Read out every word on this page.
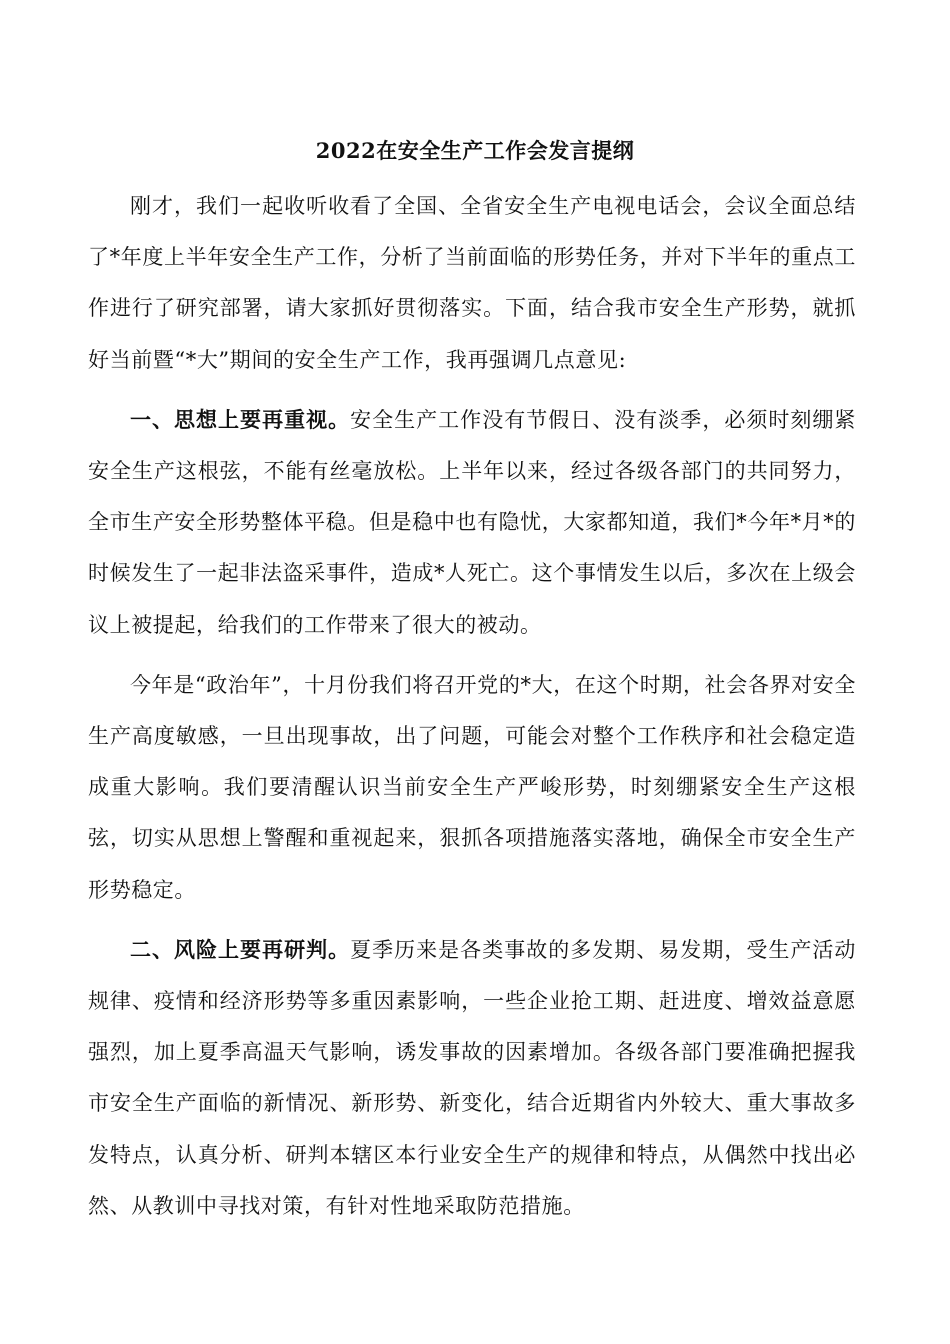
2022在安全生产工作会发言提纲

刚才，我们一起收听收看了全国、全省安全生产电视电话会，会议全面总结了*年度上半年安全生产工作，分析了当前面临的形势任务，并对下半年的重点工作进行了研究部署，请大家抓好贯彻落实。下面，结合我市安全生产形势，就抓好当前暨“*大”期间的安全生产工作，我再强调几点意见:

一、思想上要再重视。安全生产工作没有节假日、没有淡季，必须时刻绷紧安全生产这根弦，不能有丝毫放松。上半年以来，经过各级各部门的共同努力，全市生产安全形势整体平稳。但是稳中也有隐忧，大家都知道，我们*今年*月*的时候发生了一起非法盗采事件，造成*人死亡。这个事情发生以后，多次在上级会议上被提起，给我们的工作带来了很大的被动。

今年是“政治年”，十月份我们将召开党的*大，在这个时期，社会各界对安全生产高度敏感，一旦出现事故，出了问题，可能会对整个工作秩序和社会稳定造成重大影响。我们要清醒认识当前安全生产严峻形势，时刻绷紧安全生产这根弦，切实从思想上警醒和重视起来，狠抓各项措施落实落地，确保全市安全生产形势稳定。

二、风险上要再研判。夏季历来是各类事故的多发期、易发期，受生产活动规律、疫情和经济形势等多重因素影响，一些企业抢工期、赶进度、增效益意愿强烈，加上夏季高温天气影响，诱发事故的因素增加。各级各部门要准确把握我市安全生产面临的新情况、新形势、新变化，结合近期省内外较大、重大事故多发特点，认真分析、研判本辖区本行业安全生产的规律和特点，从偶然中找出必然、从教训中寻找对策，有针对性地采取防范措施。
